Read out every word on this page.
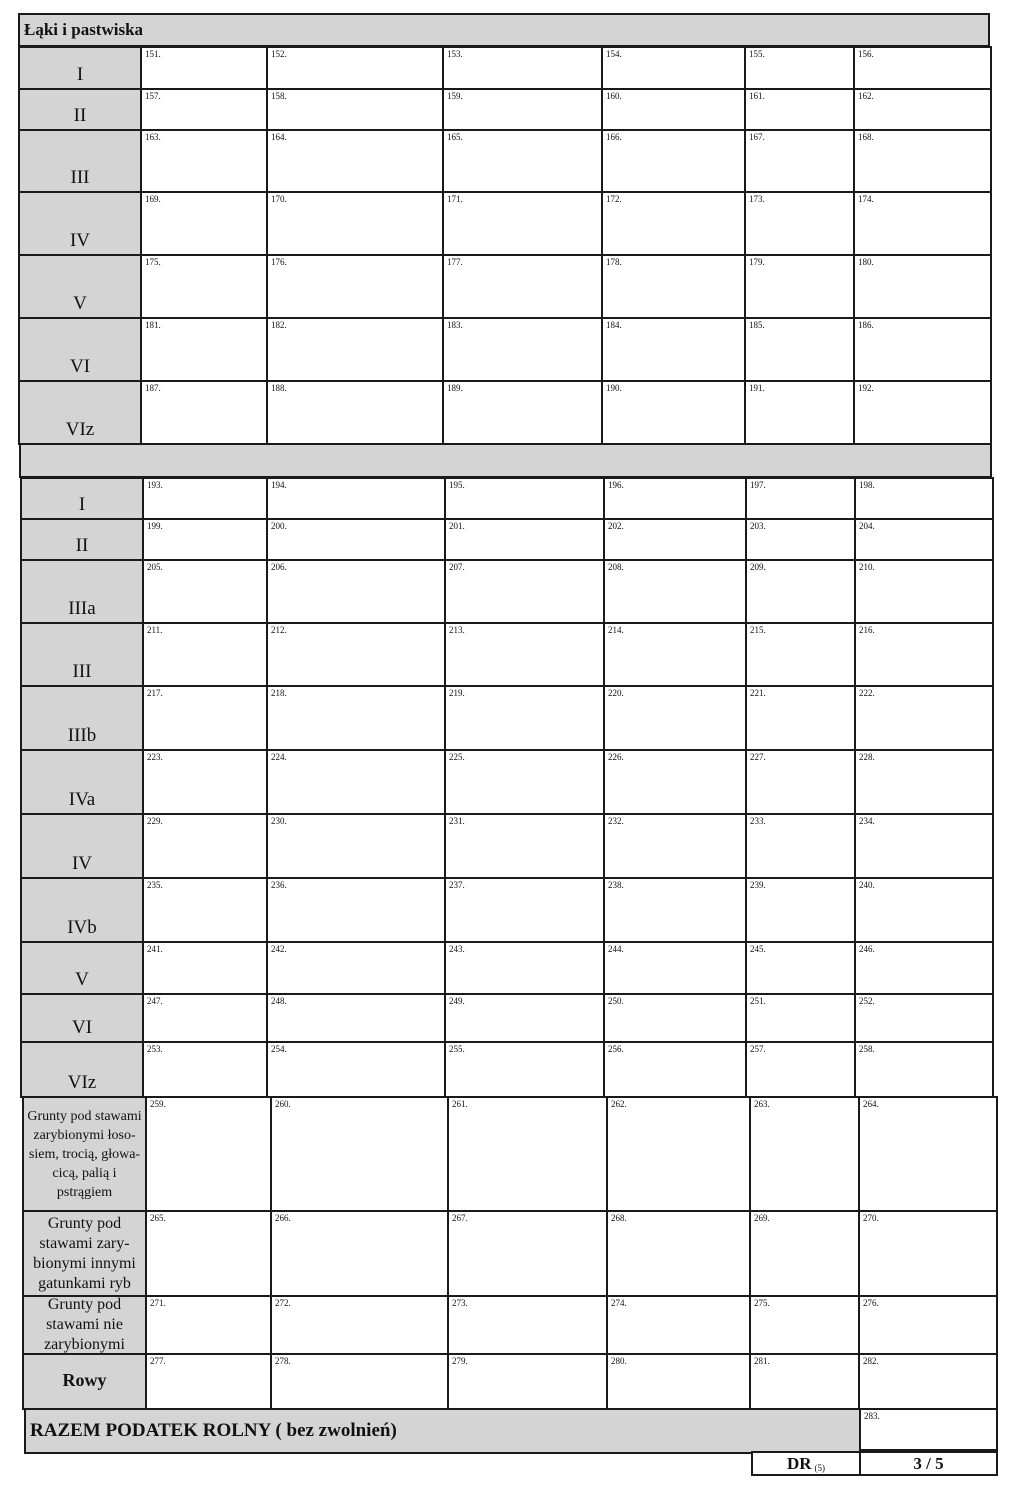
Łąki i pastwiska
I
151.	152.	153.	154.	155.	156.
II
157.	158.	159.	160.	161.	162.
III
163.	164.	165.	166.	167.	168.
IV
169.	170.	171.	172.	173.	174.
V
175.	176.	177.	178.	179.	180.
VI
181.	182.	183.	184.	185.	186.
VIz
187.	188.	189.	190.	191.	192.
I
193.	194.	195.	196.	197.	198.
II
199.	200.	201.	202.	203.	204.
IIIa
205.	206.	207.	208.	209.	210.
III
211.	212.	213.	214.	215.	216.
IIIb
217.	218.	219.	220.	221.	222.
IVa
223.	224.	225.	226.	227.	228.
IV
229.	230.	231.	232.	233.	234.
IVb
235.	236.	237.	238.	239.	240.
V
241.	242.	243.	244.	245.	246.
VI
247.	248.	249.	250.	251.	252.
VIz
253.	254.	255.	256.	257.	258.
Grunty pod stawami zarybionymi łoso-siem, trocią, głowa-cicą, palią i pstrągiem
259.	260.	261.	262.	263.	264.
Grunty pod stawami zary-bionymi innymi gatunkami ryb
265.	266.	267.	268.	269.	270.
Grunty pod stawami nie zarybionymi
271.	272.	273.	274.	275.	276.
Rowy
277.	278.	279.	280.	281.	282.
RAZEM PODATEK ROLNY ( bez zwolnień)
283.
DR (5)	3 / 5
